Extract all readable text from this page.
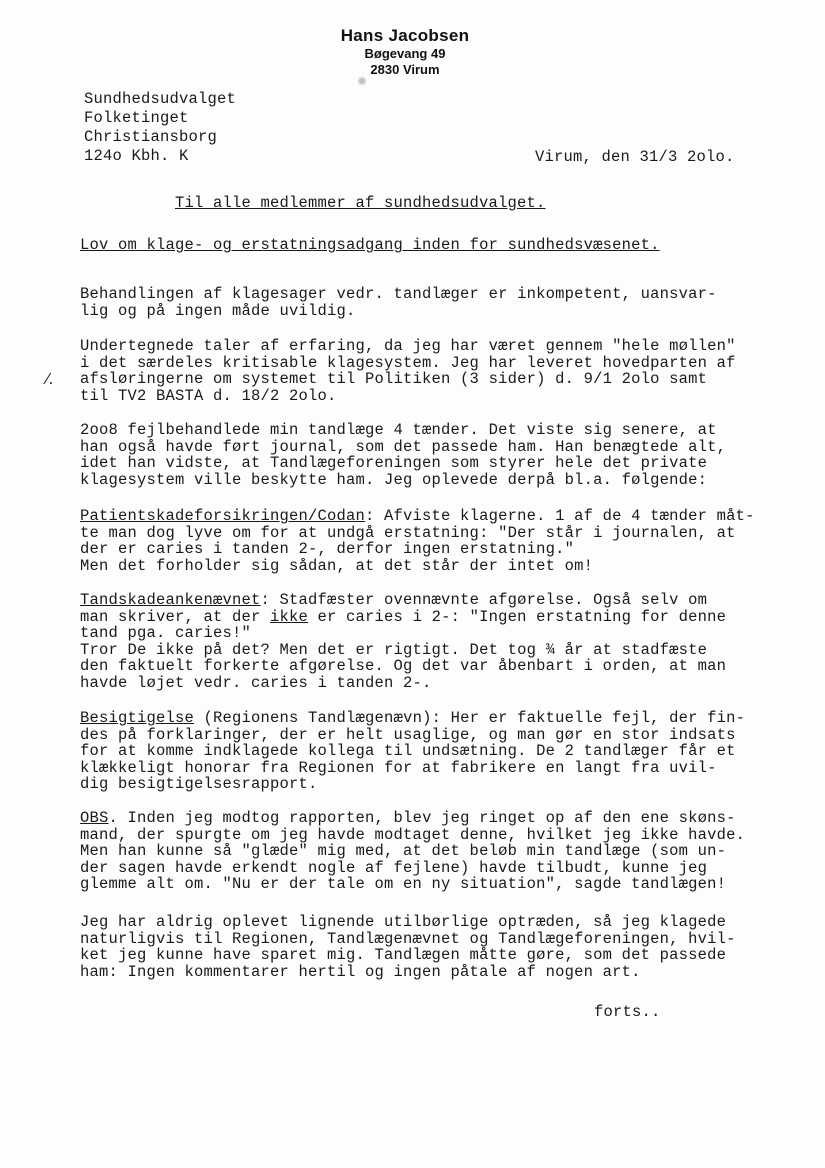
Hans Jacobsen
Bøgevang 49
2830 Virum
Sundhedsudvalget
Folketinget
Christiansborg
124o Kbh. K	Virum, den 31/3 2olo.
Til alle medlemmer af sundhedsudvalget.
Lov om klage- og erstatningsadgang inden for sundhedsvæsenet.
⁄.
Behandlingen af klagesager vedr. tandlæger er inkompetent, uansvar-
lig og på ingen måde uvildig.
Undertegnede taler af erfaring, da jeg har været gennem "hele møllen"
i det særdeles kritisable klagesystem. Jeg har leveret hovedparten af
afsløringerne om systemet til Politiken (3 sider) d. 9/1 2olo samt
til TV2 BASTA d. 18/2 2olo.
2oo8 fejlbehandlede min tandlæge 4 tænder. Det viste sig senere, at
han også havde ført journal, som det passede ham. Han benægtede alt,
idet han vidste, at Tandlægeforeningen som styrer hele det private
klagesystem ville beskytte ham. Jeg oplevede derpå bl.a. følgende:
Patientskadeforsikringen/Codan: Afviste klagerne. 1 af de 4 tænder måt-
te man dog lyve om for at undgå erstatning: "Der står i journalen, at
der er caries i tanden 2-, derfor ingen erstatning."
Men det forholder sig sådan, at det står der intet om!
Tandskadeankenævnet: Stadfæster ovennævnte afgørelse. Også selv om
man skriver, at der ikke er caries i 2-: "Ingen erstatning for denne
tand pga. caries!"
Tror De ikke på det? Men det er rigtigt. Det tog ¾ år at stadfæste
den faktuelt forkerte afgørelse. Og det var åbenbart i orden, at man
havde løjet vedr. caries i tanden 2-.
Besigtigelse (Regionens Tandlægenævn): Her er faktuelle fejl, der fin-
des på forklaringer, der er helt usaglige, og man gør en stor indsats
for at komme indklagede kollega til undsætning. De 2 tandlæger får et
klækkeligt honorar fra Regionen for at fabrikere en langt fra uvil-
dig besigtigelsesrapport.
OBS. Inden jeg modtog rapporten, blev jeg ringet op af den ene skøns-
mand, der spurgte om jeg havde modtaget denne, hvilket jeg ikke havde.
Men han kunne så "glæde" mig med, at det beløb min tandlæge (som un-
der sagen havde erkendt nogle af fejlene) havde tilbudt, kunne jeg
glemme alt om. "Nu er der tale om en ny situation", sagde tandlægen!
Jeg har aldrig oplevet lignende utilbørlige optræden, så jeg klagede
naturligvis til Regionen, Tandlægenævnet og Tandlægeforeningen, hvil-
ket jeg kunne have sparet mig. Tandlægen måtte gøre, som det passede
ham: Ingen kommentarer hertil og ingen påtale af nogen art.
forts..
